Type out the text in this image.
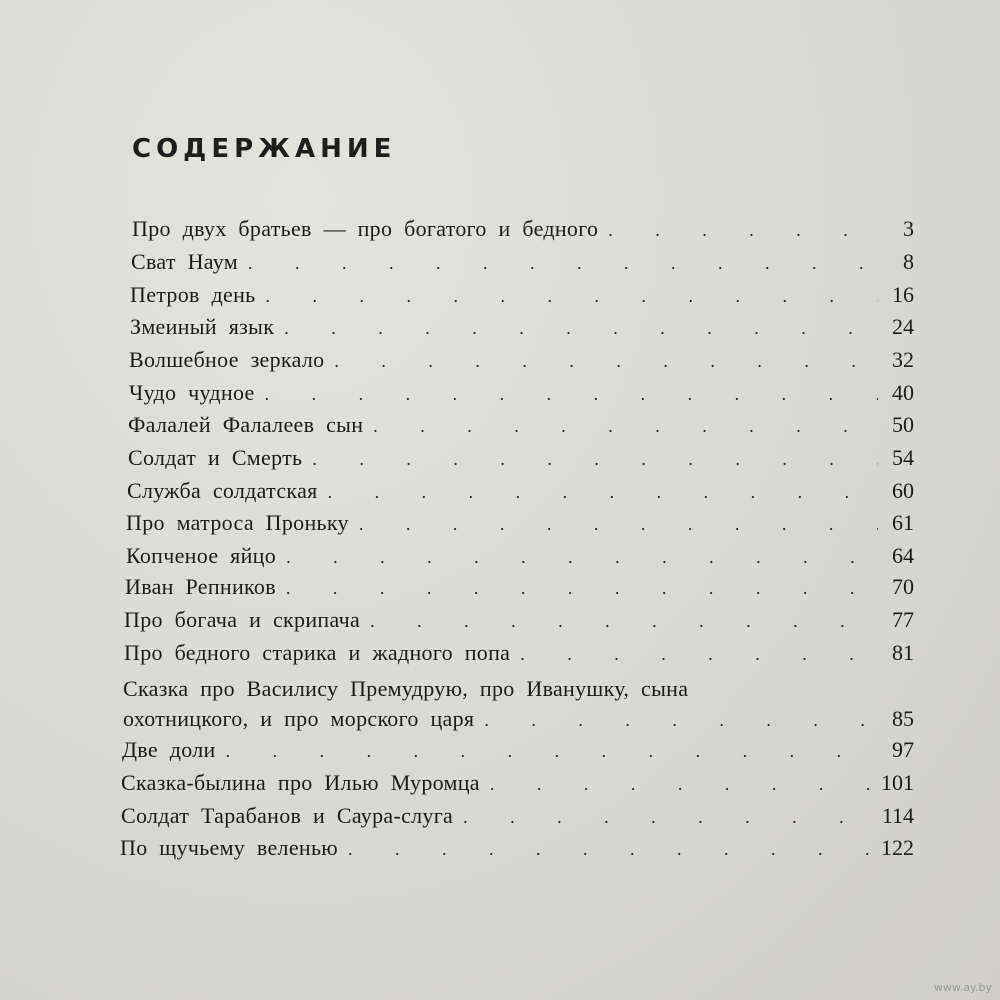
СОДЕРЖАНИЕ
Про двух братьев — про богатого и бедного . . .	3
Сват Наум . . .	8
Петров день . . .	16
Змеиный язык . . .	24
Волшебное зеркало . . .	32
Чудо чудное . . .	40
Фалалей Фалалеев сын . . .	50
Солдат и Смерть . . .	54
Служба солдатская . . .	60
Про матроса Проньку . . .	61
Копченое яйцо . . .	64
Иван Репников . . .	70
Про богача и скрипача . . .	77
Про бедного старика и жадного попа . . .	81
Сказка про Василису Премудрую, про Иванушку, сына
охотницкого, и про морского царя . . .	85
Две доли . . .	97
Сказка-былина про Илью Муромца . . .	101
Солдат Тарабанов и Саура-слуга . . .	114
По щучьему веленью . . .	122
www.ay.by
